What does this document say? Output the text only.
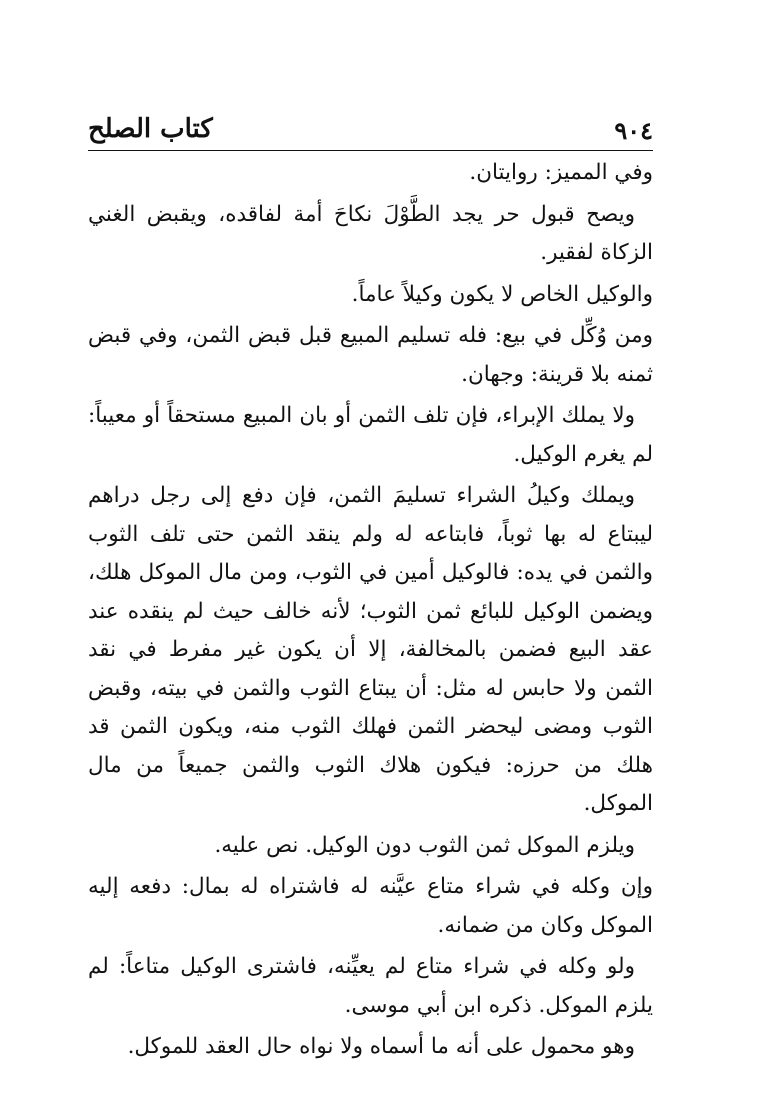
٩٠٤
كتاب الصلح

وفي المميز: روايتان.

ويصح قبول حر يجد الطَّوْلَ نكاحَ أمة لفاقده، ويقبض الغني الزكاة لفقير.

والوكيل الخاص لا يكون وكيلاً عاماً.

ومن وُكِّل في بيع: فله تسليم المبيع قبل قبض الثمن، وفي قبض ثمنه بلا قرينة: وجهان.

ولا يملك الإبراء، فإن تلف الثمن أو بان المبيع مستحقاً أو معيباً: لم يغرم الوكيل.

ويملك وكيلُ الشراء تسليمَ الثمن، فإن دفع إلى رجل دراهم ليبتاع له بها ثوباً، فابتاعه له ولم ينقد الثمن حتى تلف الثوب والثمن في يده: فالوكيل أمين في الثوب، ومن مال الموكل هلك، ويضمن الوكيل للبائع ثمن الثوب؛ لأنه خالف حيث لم ينقده عند عقد البيع فضمن بالمخالفة، إلا أن يكون غير مفرط في نقد الثمن ولا حابس له مثل: أن يبتاع الثوب والثمن في بيته، وقبض الثوب ومضى ليحضر الثمن فهلك الثوب منه، ويكون الثمن قد هلك من حرزه: فيكون هلاك الثوب والثمن جميعاً من مال الموكل.

ويلزم الموكل ثمن الثوب دون الوكيل. نص عليه.

وإن وكله في شراء متاع عيَّنه له فاشتراه له بمال: دفعه إليه الموكل وكان من ضمانه.

ولو وكله في شراء متاع لم يعيِّنه، فاشترى الوكيل متاعاً: لم يلزم الموكل. ذكره ابن أبي موسى.

وهو محمول على أنه ما أسماه ولا نواه حال العقد للموكل.
